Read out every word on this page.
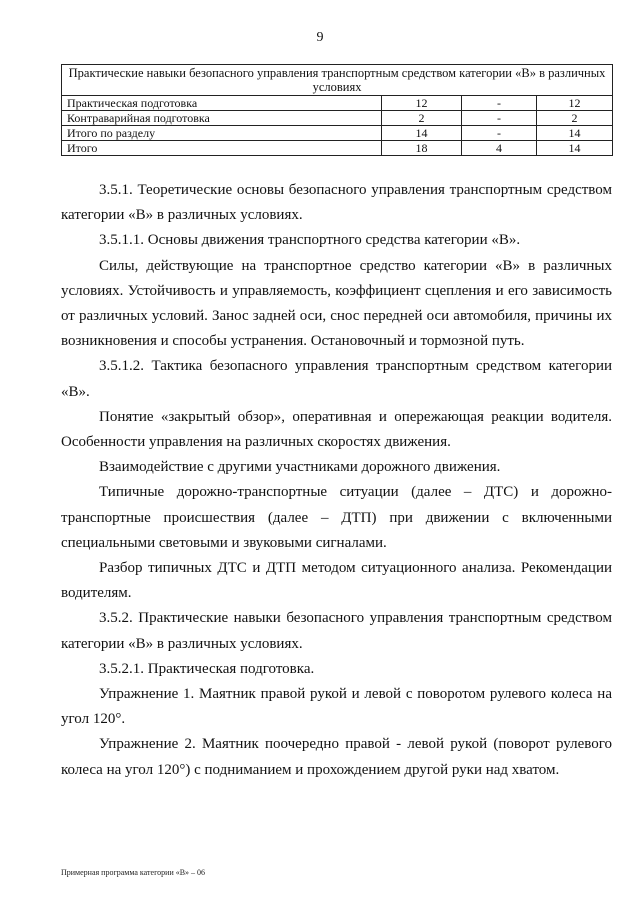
9
Практические навыки безопасного управления транспортным средством категории «В» в различных условиях			
Практическая подготовка	12	-	12
Контраварийная подготовка	2	-	2
Итого по разделу	14	-	14
Итого	18	4	14

3.5.1. Теоретические основы безопасного управления транспортным средством категории «В» в различных условиях.

3.5.1.1. Основы движения транспортного средства категории «В».

Силы, действующие на транспортное средство категории «В» в различных условиях. Устойчивость и управляемость, коэффициент сцепления и его зависимость от различных условий. Занос задней оси, снос передней оси автомобиля, причины их возникновения и способы устранения. Остановочный и тормозной путь.

3.5.1.2. Тактика безопасного управления транспортным средством категории «В».

Понятие «закрытый обзор», оперативная и опережающая реакции водителя. Особенности управления на различных скоростях движения.

Взаимодействие с другими участниками дорожного движения.

Типичные дорожно-транспортные ситуации (далее – ДТС) и дорожно-транспортные происшествия (далее – ДТП) при движении с включенными специальными световыми и звуковыми сигналами.

Разбор типичных ДТС и ДТП методом ситуационного анализа. Рекомендации водителям.

3.5.2. Практические навыки безопасного управления транспортным средством категории «В» в различных условиях.

3.5.2.1. Практическая подготовка.

Упражнение 1. Маятник правой рукой и левой с поворотом рулевого колеса на угол 120°.

Упражнение 2. Маятник поочередно правой - левой рукой (поворот рулевого колеса на угол 120°) с подниманием и прохождением другой руки над хватом.

Примерная программа категории «В» – 06
